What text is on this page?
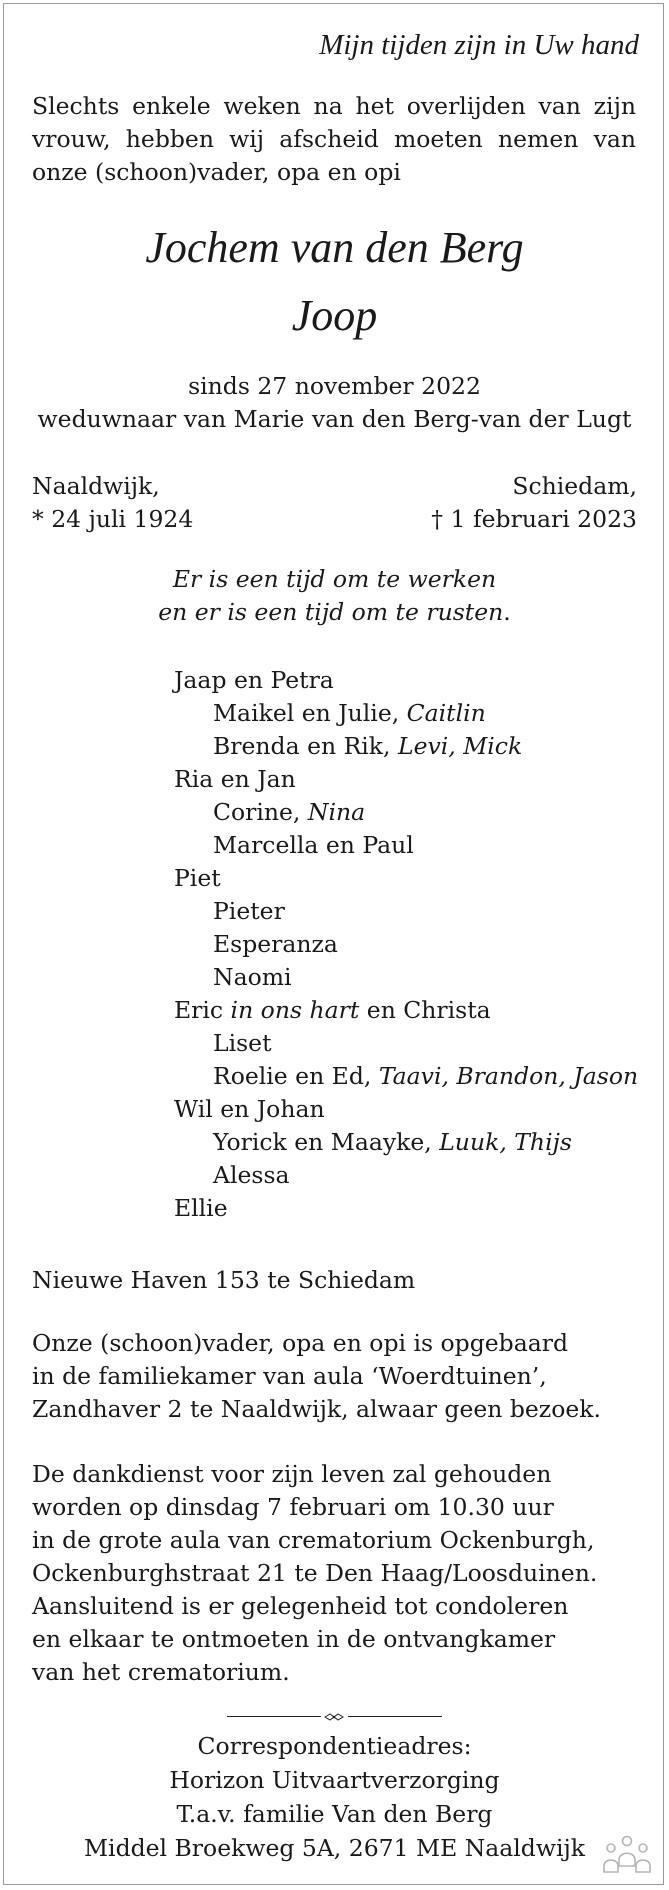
Mijn tijden zijn in Uw hand
Slechts enkele weken na het overlijden van zijn
vrouw, hebben wij afscheid moeten nemen van
onze (schoon)vader, opa en opi
Jochem van den Berg
Joop
sinds 27 november 2022
weduwnaar van Marie van den Berg-van der Lugt
Naaldwijk,
* 24 juli 1924
Schiedam,
† 1 februari 2023
Er is een tijd om te werken
en er is een tijd om te rusten.
Jaap en Petra
Maikel en Julie, Caitlin
Brenda en Rik, Levi, Mick
Ria en Jan
Corine, Nina
Marcella en Paul
Piet
Pieter
Esperanza
Naomi
Eric in ons hart en Christa
Liset
Roelie en Ed, Taavi, Brandon, Jason
Wil en Johan
Yorick en Maayke, Luuk, Thijs
Alessa
Ellie
Nieuwe Haven 153 te Schiedam
Onze (schoon)vader, opa en opi is opgebaard
in de familiekamer van aula ‘Woerdtuinen’,
Zandhaver 2 te Naaldwijk, alwaar geen bezoek.
De dankdienst voor zijn leven zal gehouden
worden op dinsdag 7 februari om 10.30 uur
in de grote aula van crematorium Ockenburgh,
Ockenburghstraat 21 te Den Haag/Loosduinen.
Aansluitend is er gelegenheid tot condoleren
en elkaar te ontmoeten in de ontvangkamer
van het crematorium.
Correspondentieadres:
Horizon Uitvaartverzorging
T.a.v. familie Van den Berg
Middel Broekweg 5A, 2671 ME Naaldwijk
